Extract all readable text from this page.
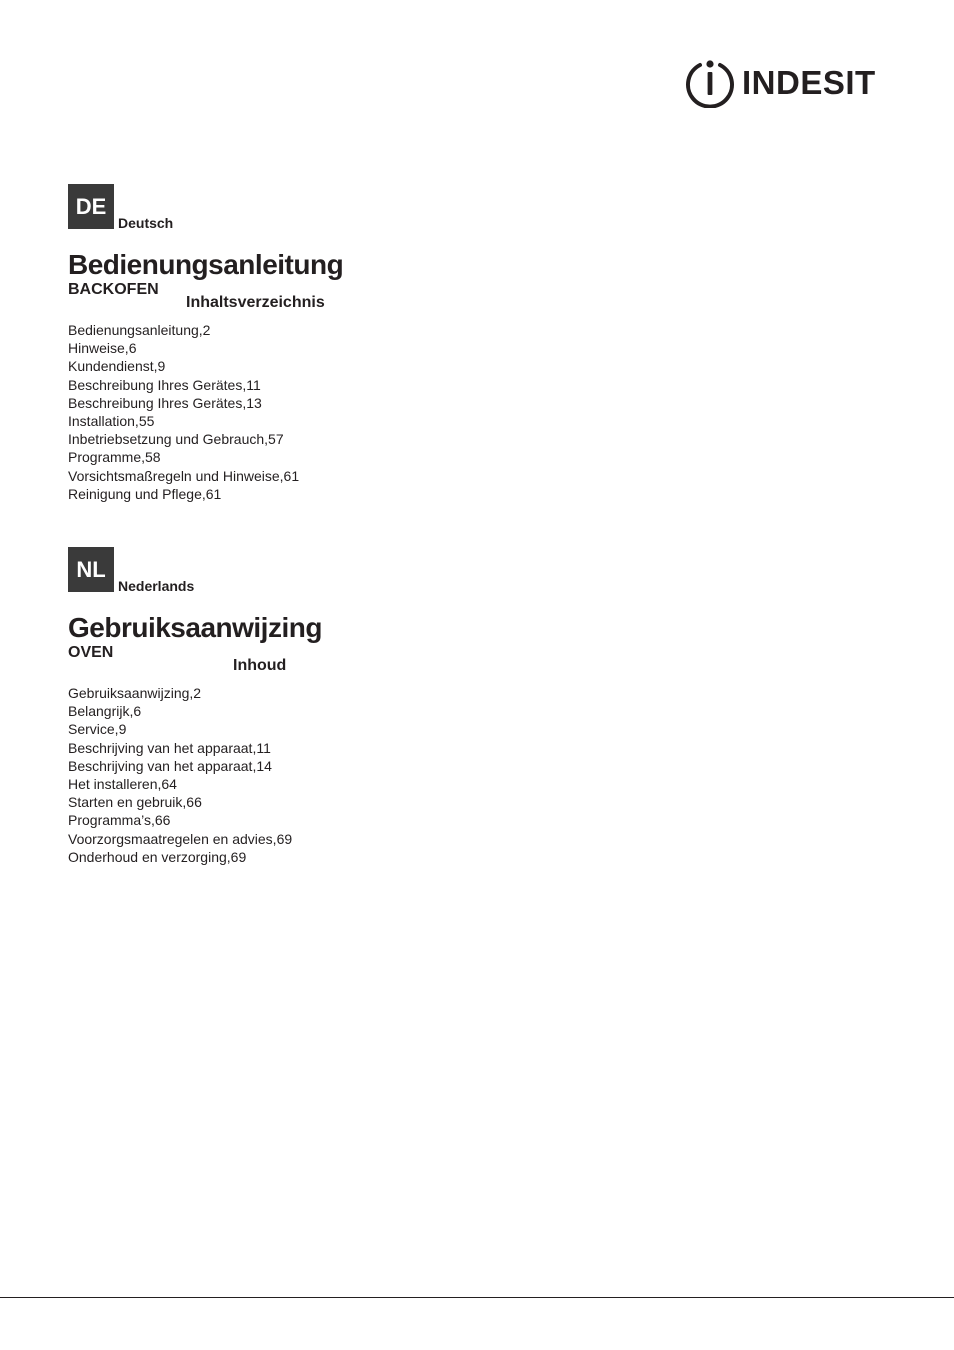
INDESIT
DE
Deutsch
Bedienungsanleitung
BACKOFEN
Inhaltsverzeichnis
Bedienungsanleitung,2
Hinweise,6
Kundendienst,9
Beschreibung Ihres Gerätes,11
Beschreibung Ihres Gerätes,13
Installation,55
Inbetriebsetzung und Gebrauch,57
Programme,58
Vorsichtsmaßregeln und Hinweise,61
Reinigung und Pflege,61
NL
Nederlands
Gebruiksaanwijzing
OVEN
Inhoud
Gebruiksaanwijzing,2
Belangrijk,6
Service,9
Beschrijving van het apparaat,11
Beschrijving van het apparaat,14
Het installeren,64
Starten en gebruik,66
Programma’s,66
Voorzorgsmaatregelen en advies,69
Onderhoud en verzorging,69
